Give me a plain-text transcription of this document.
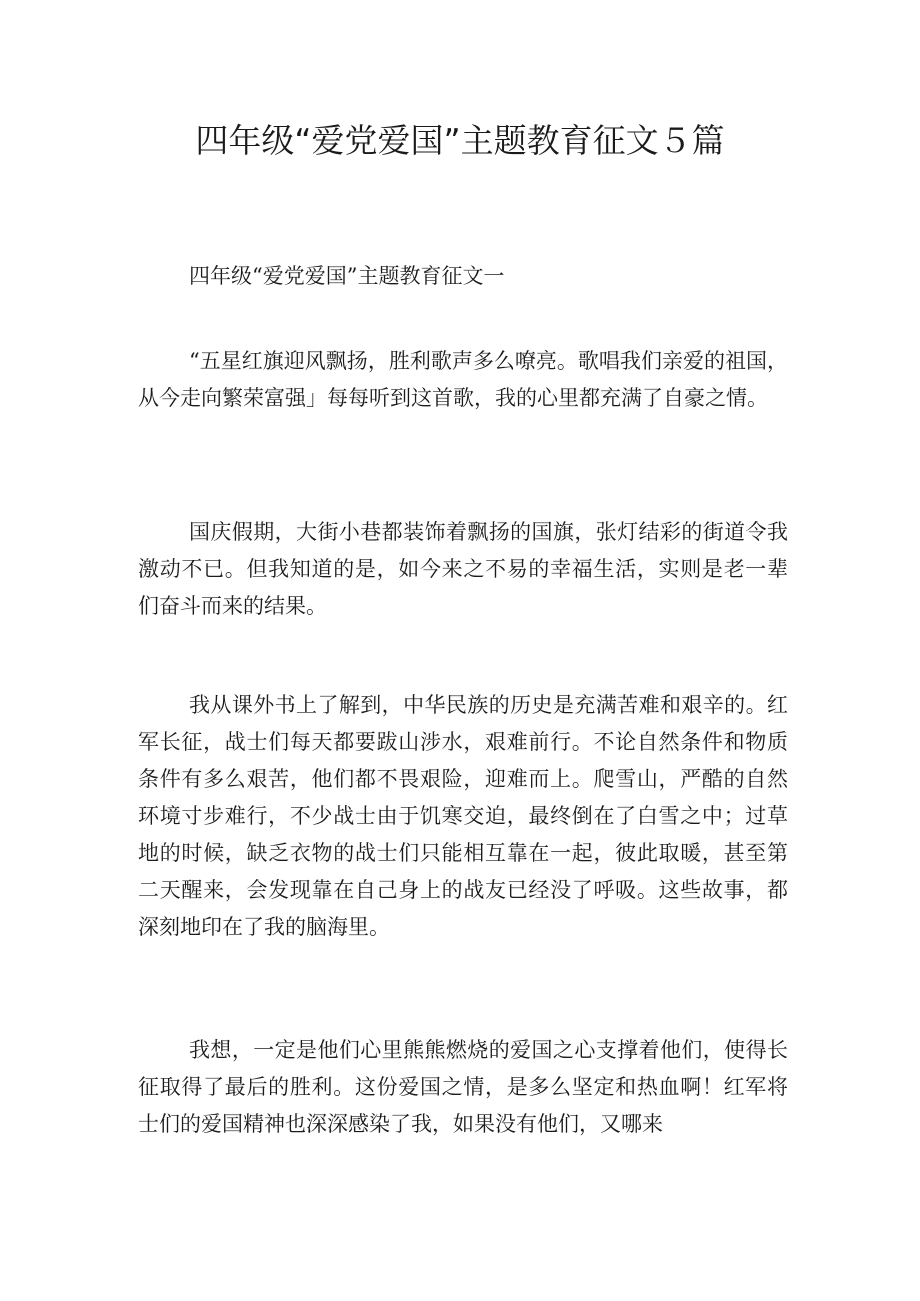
四年级“爱党爱国”主题教育征文５篇

四年级“爱党爱国”主题教育征文一

“五星红旗迎风飘扬，胜利歌声多么嘹亮。歌唱我们亲爱的祖国，从今走向繁荣富强」每每听到这首歌，我的心里都充满了自豪之情。

国庆假期，大街小巷都装饰着飘扬的国旗，张灯结彩的街道令我激动不已。但我知道的是，如今来之不易的幸福生活，实则是老一辈们奋斗而来的结果。

我从课外书上了解到，中华民族的历史是充满苦难和艰辛的。红军长征，战士们每天都要跋山涉水，艰难前行。不论自然条件和物质条件有多么艰苦，他们都不畏艰险，迎难而上。爬雪山，严酷的自然环境寸步难行，不少战士由于饥寒交迫，最终倒在了白雪之中；过草地的时候，缺乏衣物的战士们只能相互靠在一起，彼此取暖，甚至第二天醒来，会发现靠在自己身上的战友已经没了呼吸。这些故事，都深刻地印在了我的脑海里。

我想，一定是他们心里熊熊燃烧的爱国之心支撑着他们，使得长征取得了最后的胜利。这份爱国之情，是多么坚定和热血啊！红军将士们的爱国精神也深深感染了我，如果没有他们，又哪来
